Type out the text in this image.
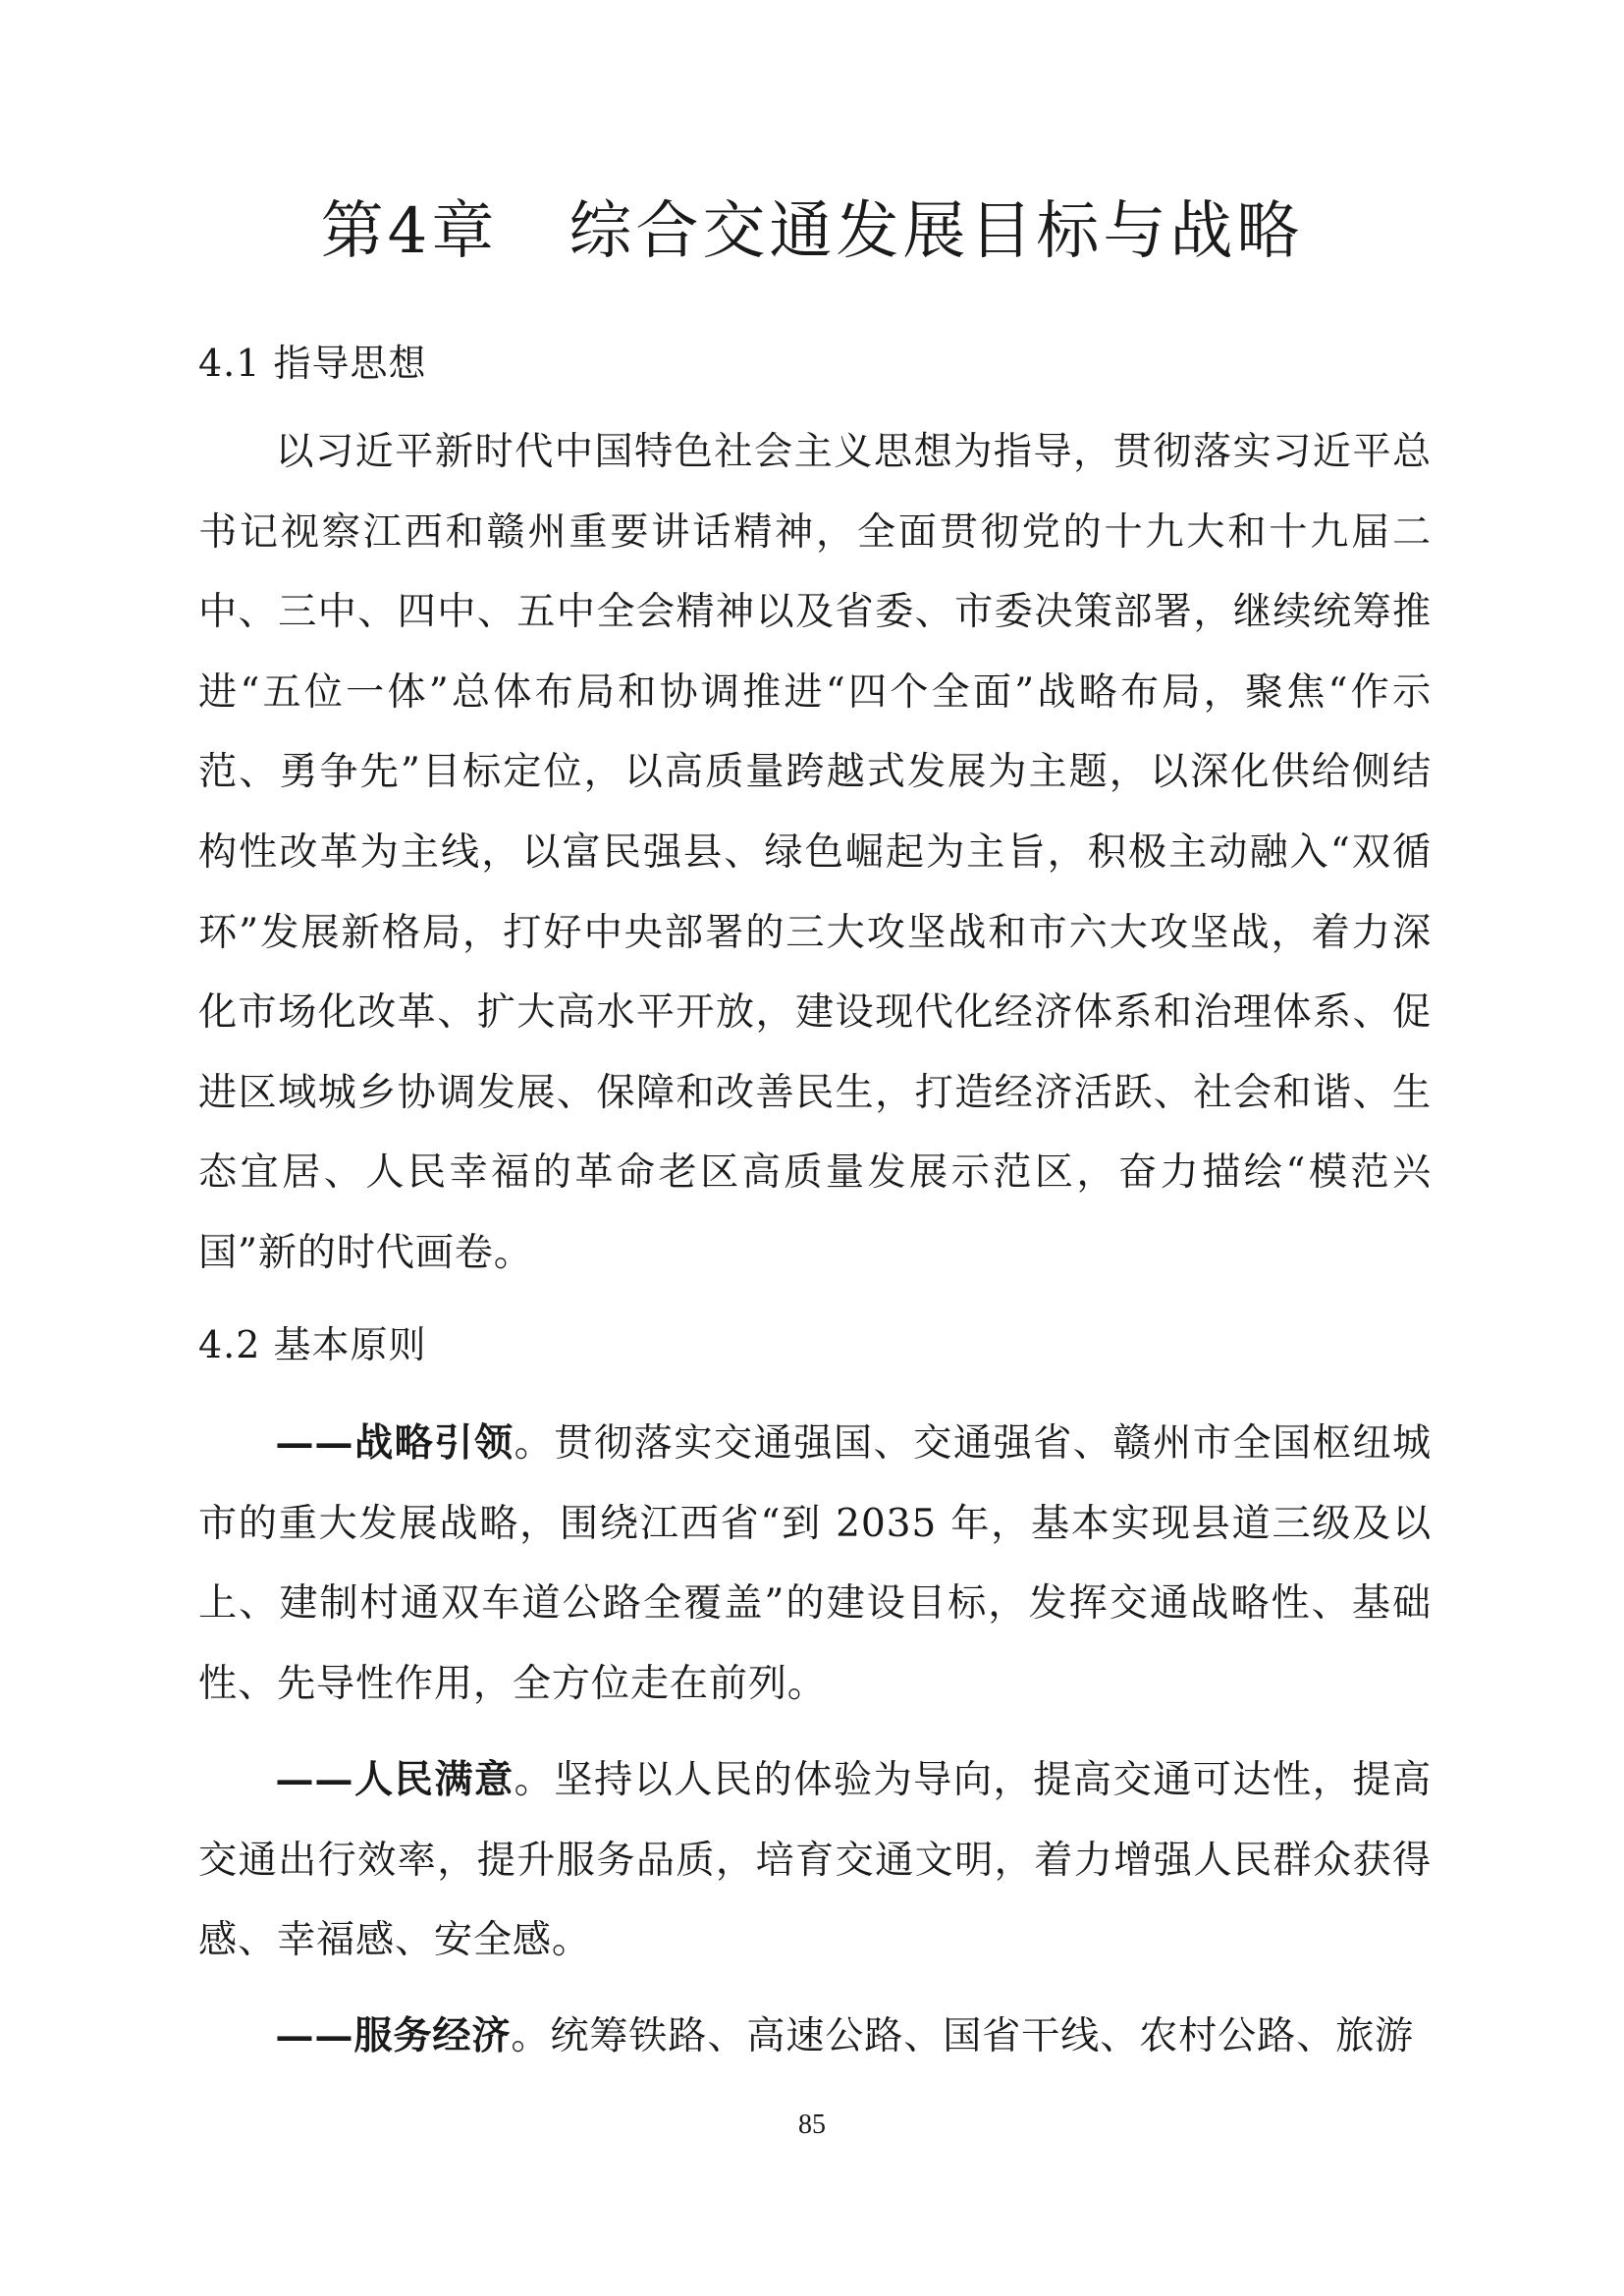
第4章 综合交通发展目标与战略
4.1 指导思想

以习近平新时代中国特色社会主义思想为指导，贯彻落实习近平总书记视察江西和赣州重要讲话精神，全面贯彻党的十九大和十九届二中、三中、四中、五中全会精神以及省委、市委决策部署，继续统筹推进“五位一体”总体布局和协调推进“四个全面”战略布局，聚焦“作示范、勇争先”目标定位，以高质量跨越式发展为主题，以深化供给侧结构性改革为主线，以富民强县、绿色崛起为主旨，积极主动融入“双循环”发展新格局，打好中央部署的三大攻坚战和市六大攻坚战，着力深化市场化改革、扩大高水平开放，建设现代化经济体系和治理体系、促进区域城乡协调发展、保障和改善民生，打造经济活跃、社会和谐、生态宜居、人民幸福的革命老区高质量发展示范区，奋力描绘“模范兴国”新的时代画卷。

4.2 基本原则

——战略引领。贯彻落实交通强国、交通强省、赣州市全国枢纽城市的重大发展战略，围绕江西省“到 2035 年，基本实现县道三级及以上、建制村通双车道公路全覆盖”的建设目标，发挥交通战略性、基础性、先导性作用，全方位走在前列。

——人民满意。坚持以人民的体验为导向，提高交通可达性，提高交通出行效率，提升服务品质，培育交通文明，着力增强人民群众获得感、幸福感、安全感。

——服务经济。统筹铁路、高速公路、国省干线、农村公路、旅游

85
